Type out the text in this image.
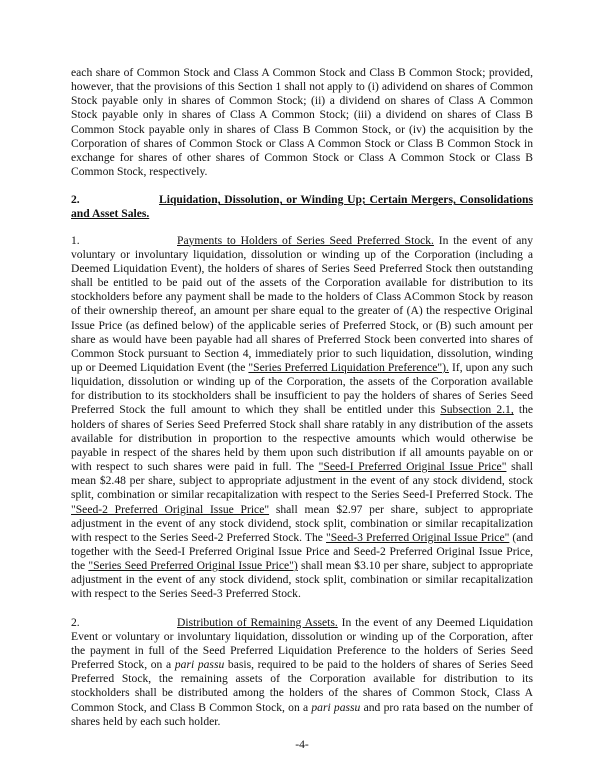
each share of Common Stock and Class A Common Stock and Class B Common Stock; provided, however, that the provisions of this Section 1 shall not apply to (i) adividend on shares of Common Stock payable only in shares of Common Stock; (ii) a dividend on shares of Class A Common Stock payable only in shares of Class A Common Stock; (iii) a dividend on shares of Class B Common Stock payable only in shares of Class B Common Stock, or (iv) the acquisition by the Corporation of shares of Common Stock or Class A Common Stock or Class B Common Stock in exchange for shares of other shares of Common Stock or Class A Common Stock or Class B Common Stock, respectively.

2.	Liquidation, Dissolution, or Winding Up; Certain Mergers, Consolidations and Asset Sales.

1.	Payments to Holders of Series Seed Preferred Stock. In the event of any voluntary or involuntary liquidation, dissolution or winding up of the Corporation (including a Deemed Liquidation Event), the holders of shares of Series Seed Preferred Stock then outstanding shall be entitled to be paid out of the assets of the Corporation available for distribution to its stockholders before any payment shall be made to the holders of Class ACommon Stock by reason of their ownership thereof, an amount per share equal to the greater of (A) the respective Original Issue Price (as defined below) of the applicable series of Preferred Stock, or (B) such amount per share as would have been payable had all shares of Preferred Stock been converted into shares of Common Stock pursuant to Section 4, immediately prior to such liquidation, dissolution, winding up or Deemed Liquidation Event (the "Series Preferred Liquidation Preference"). If, upon any such liquidation, dissolution or winding up of the Corporation, the assets of the Corporation available for distribution to its stockholders shall be insufficient to pay the holders of shares of Series Seed Preferred Stock the full amount to which they shall be entitled under this Subsection 2.1, the holders of shares of Series Seed Preferred Stock shall share ratably in any distribution of the assets available for distribution in proportion to the respective amounts which would otherwise be payable in respect of the shares held by them upon such distribution if all amounts payable on or with respect to such shares were paid in full. The "Seed-I Preferred Original Issue Price" shall mean $2.48 per share, subject to appropriate adjustment in the event of any stock dividend, stock split, combination or similar recapitalization with respect to the Series Seed-I Preferred Stock. The "Seed-2 Preferred Original Issue Price" shall mean $2.97 per share, subject to appropriate adjustment in the event of any stock dividend, stock split, combination or similar recapitalization with respect to the Series Seed-2 Preferred Stock. The "Seed-3 Preferred Original Issue Price" (and together with the Seed-I Preferred Original Issue Price and Seed-2 Preferred Original Issue Price, the "Series Seed Preferred Original Issue Price") shall mean $3.10 per share, subject to appropriate adjustment in the event of any stock dividend, stock split, combination or similar recapitalization with respect to the Series Seed-3 Preferred Stock.

2.	Distribution of Remaining Assets. In the event of any Deemed Liquidation Event or voluntary or involuntary liquidation, dissolution or winding up of the Corporation, after the payment in full of the Seed Preferred Liquidation Preference to the holders of Series Seed Preferred Stock, on a pari passu basis, required to be paid to the holders of shares of Series Seed Preferred Stock, the remaining assets of the Corporation available for distribution to its stockholders shall be distributed among the holders of the shares of Common Stock, Class A Common Stock, and Class B Common Stock, on a pari passu and pro rata based on the number of shares held by each such holder.

-4-
